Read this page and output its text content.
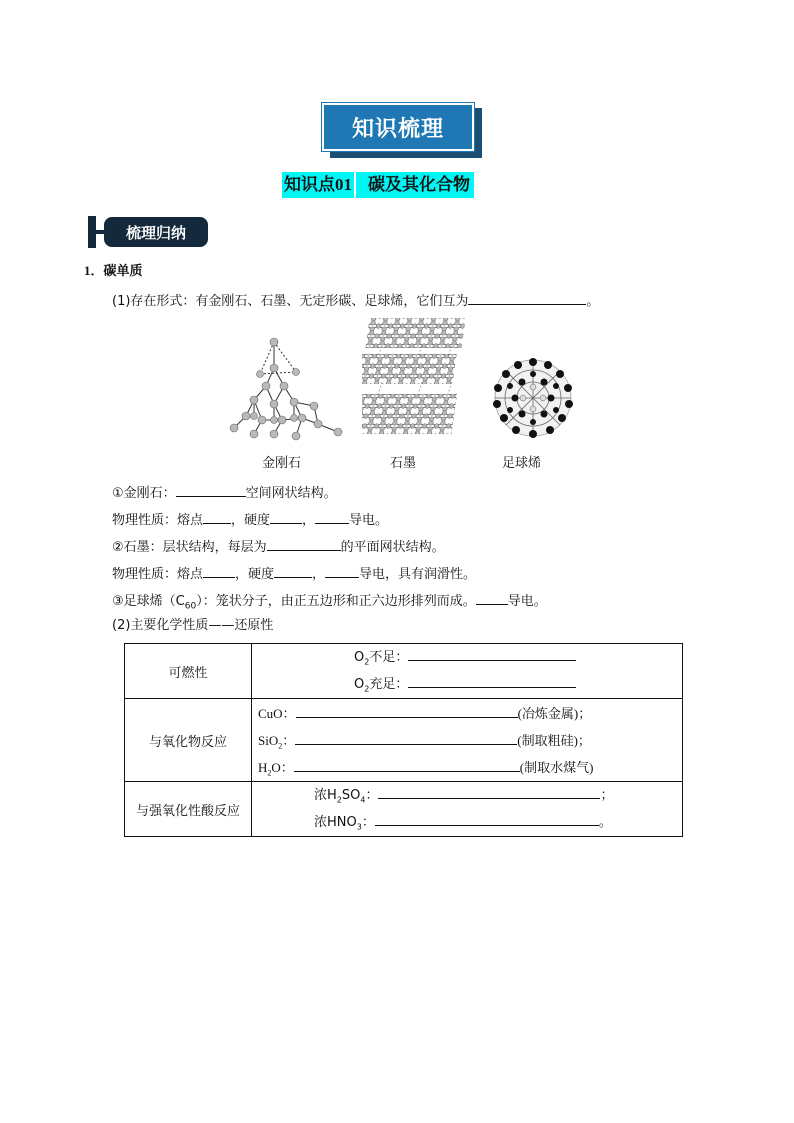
知识梳理
知识点01 碳及其化合物
梳理归纳
1．碳单质
(1)存在形式：有金刚石、石墨、无定形碳、足球烯，它们互为	。
金刚石	石墨	足球烯
①金刚石：	空间网状结构。
物理性质：熔点 ，硬度 ，	导电。
②石墨：层状结构，每层为	的平面网状结构。
物理性质：熔点 ，硬度	，	导电，具有润滑性。
③足球烯$(C_{60})$：笼状分子，由正五边形和正六边形排列而成。 导电。
(2)主要化学性质——还原性
可燃性	$O_2$不足：
$O_2$充足：

与氧化物反应	CuO： (冶炼金属)；
SiO$_2$： (制取粗硅)；
$H_2O$： (制取水煤气)

与强氧化性酸反应	浓$H_2SO_4$： ；
浓$HNO_3$： 。
